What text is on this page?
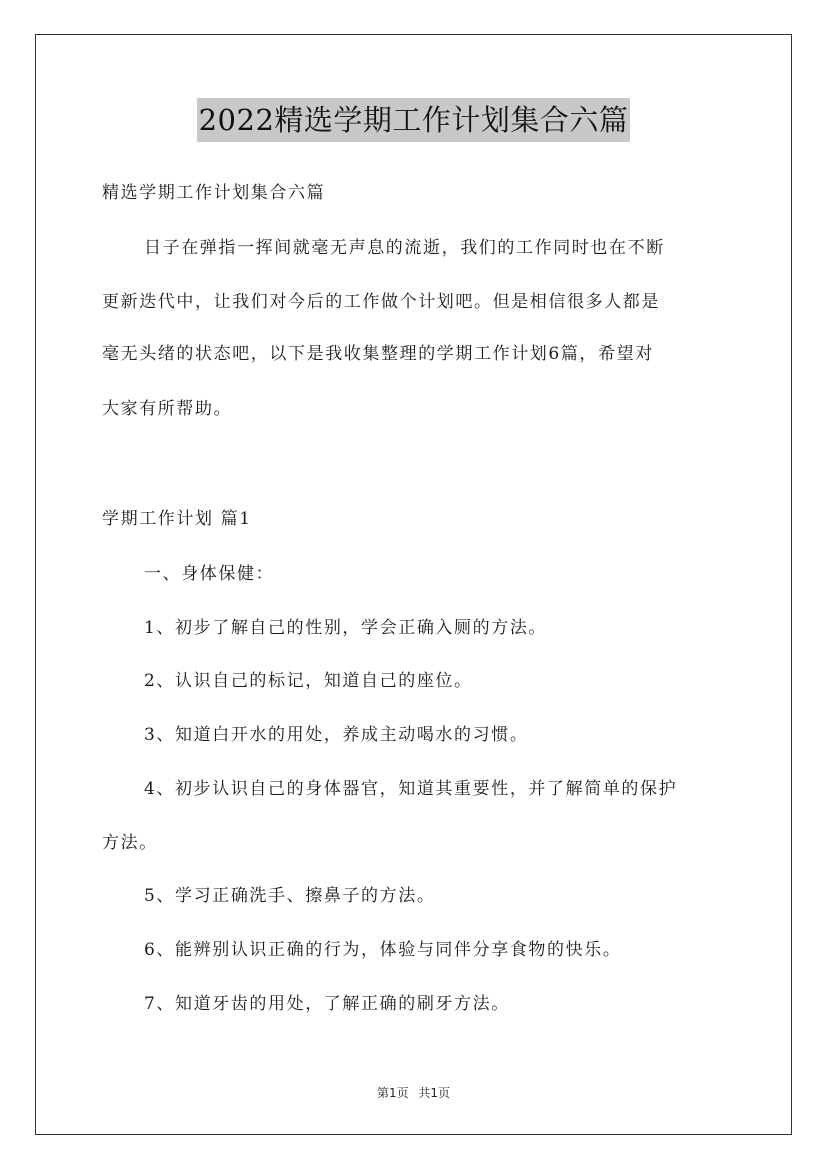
2022精选学期工作计划集合六篇
精选学期工作计划集合六篇
日子在弹指一挥间就毫无声息的流逝，我们的工作同时也在不断
更新迭代中，让我们对今后的工作做个计划吧。但是相信很多人都是
毫无头绪的状态吧，以下是我收集整理的学期工作计划6篇，希望对
大家有所帮助。
学期工作计划 篇1
一、身体保健：
1、初步了解自己的性别，学会正确入厕的方法。
2、认识自己的标记，知道自己的座位。
3、知道白开水的用处，养成主动喝水的习惯。
4、初步认识自己的身体器官，知道其重要性，并了解简单的保护
方法。
5、学习正确洗手、擦鼻子的方法。
6、能辨别认识正确的行为，体验与同伴分享食物的快乐。
7、知道牙齿的用处，了解正确的刷牙方法。
第1页 共1页
